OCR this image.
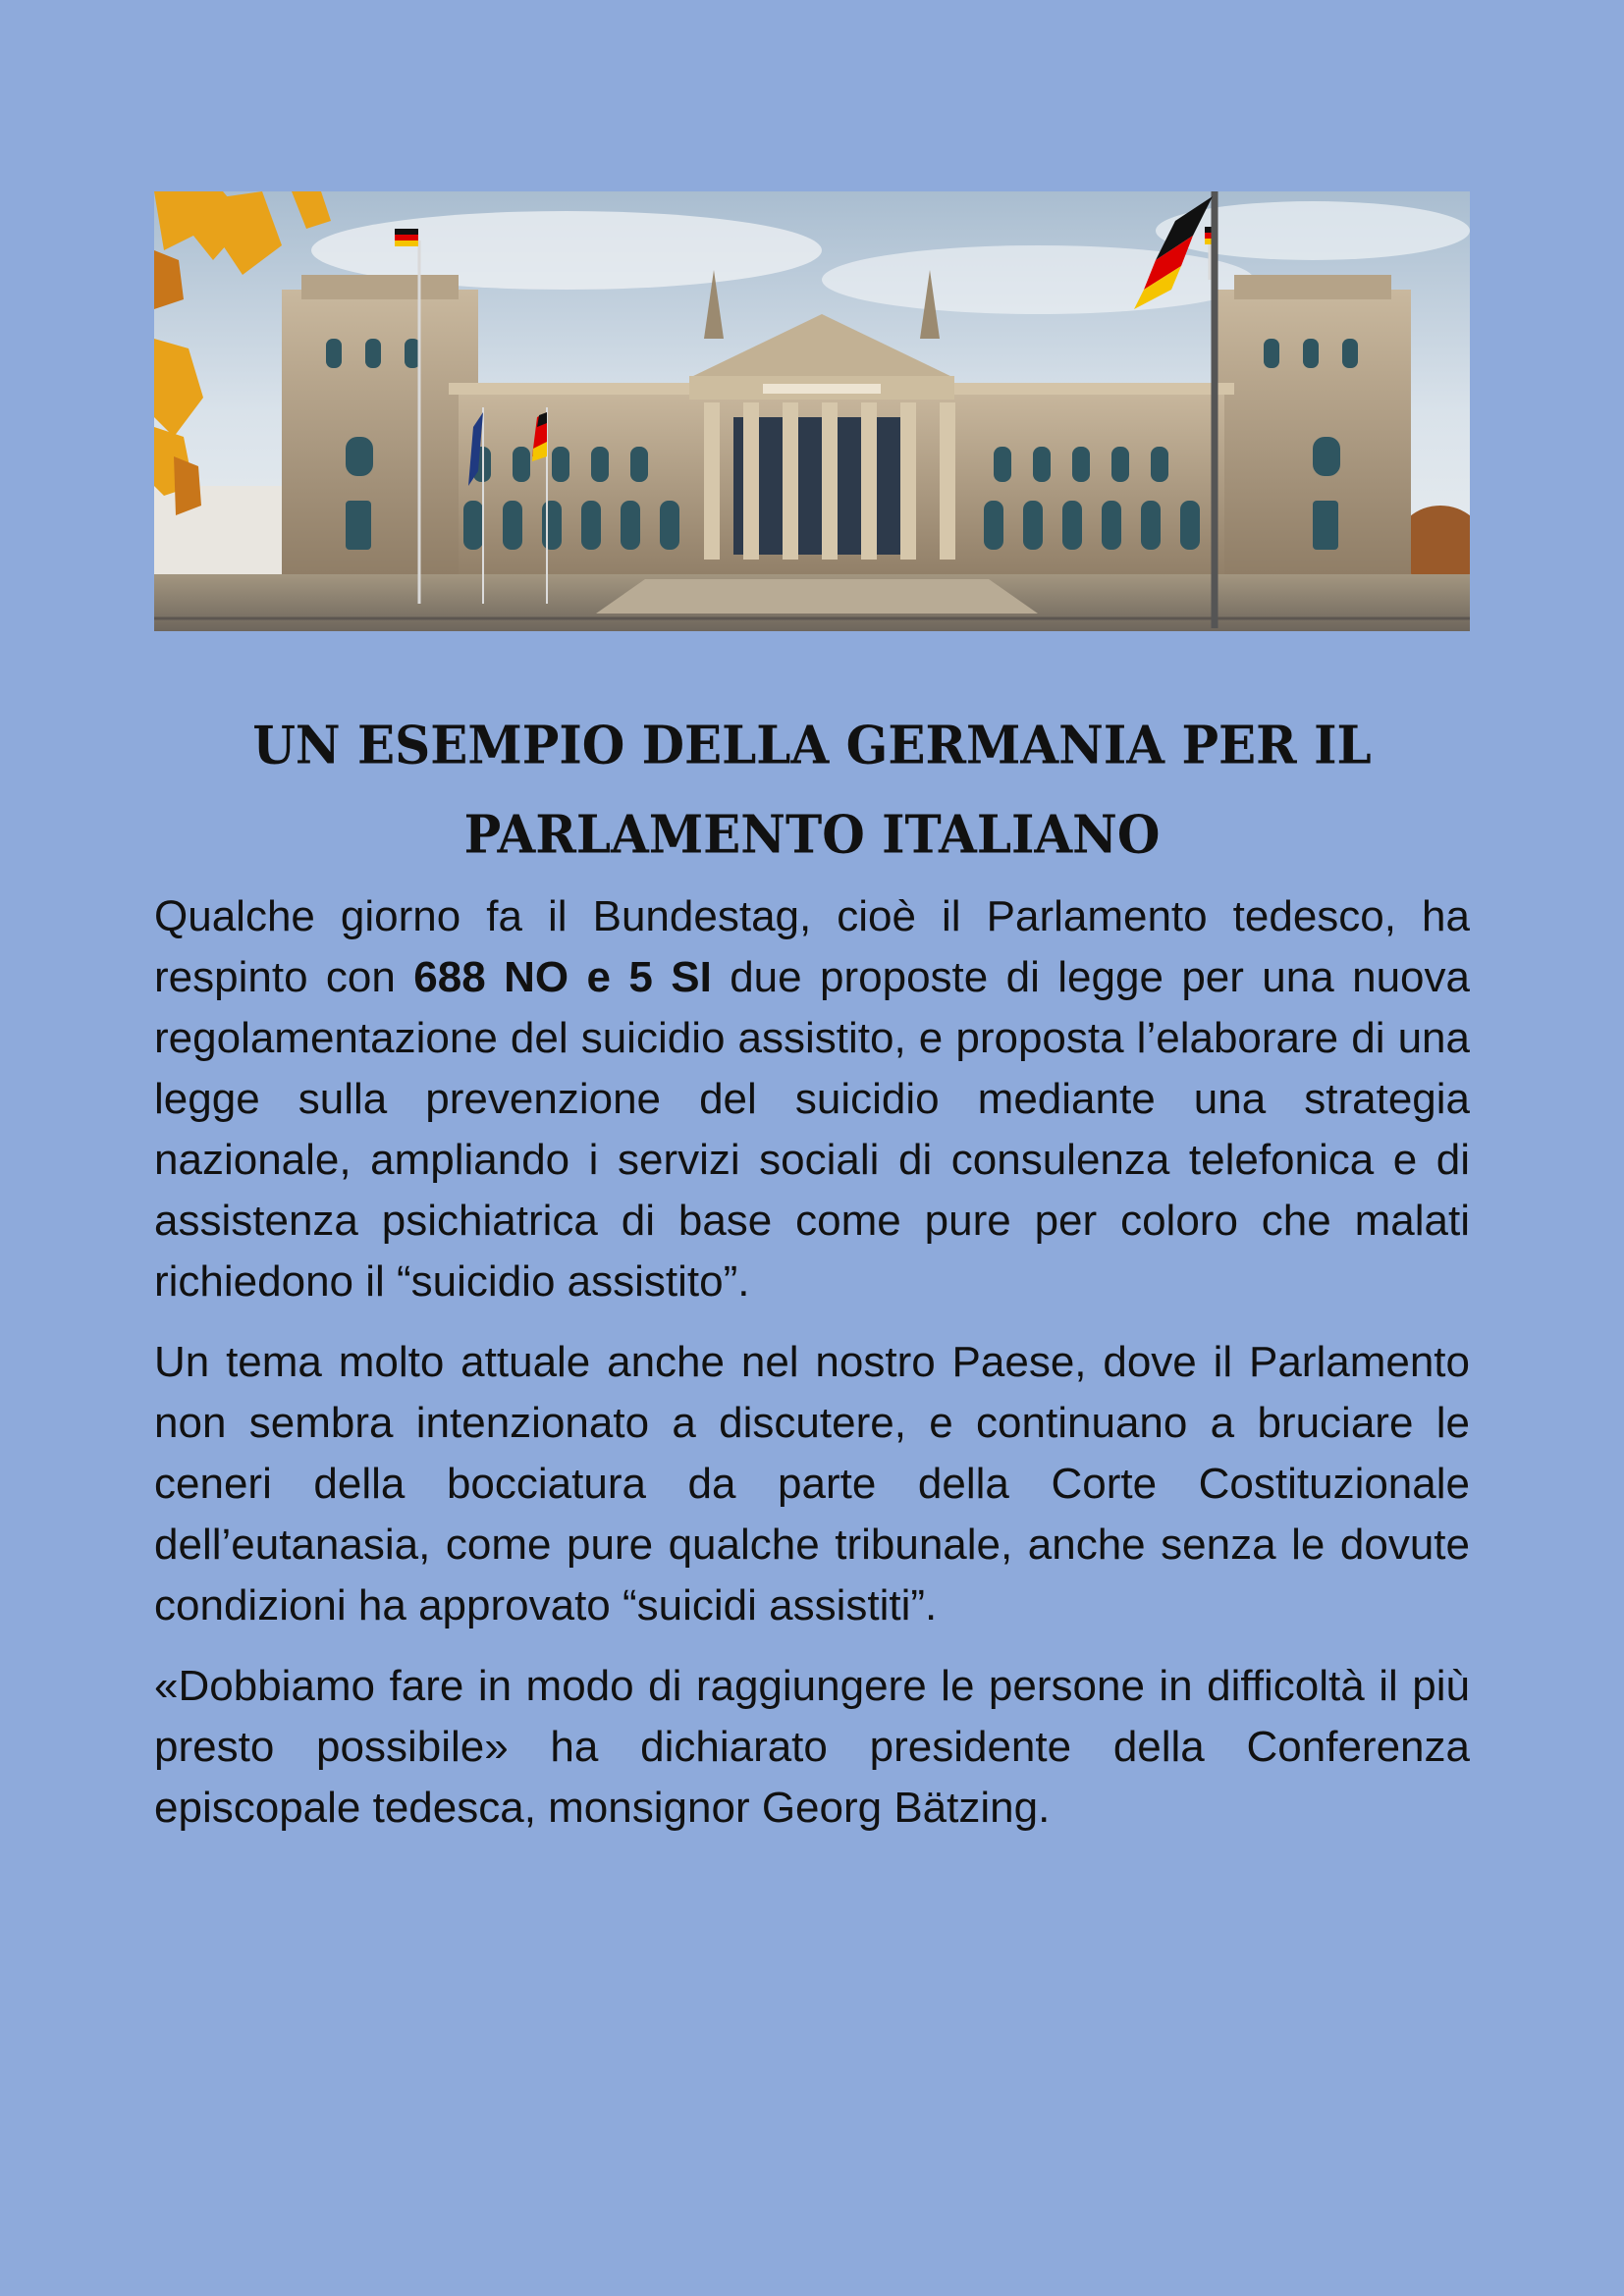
UN ESEMPIO DELLA GERMANIA PER IL
PARLAMENTO ITALIANO

Qualche giorno fa il Bundestag, cioè il Parlamento tedesco, ha respinto con 688 NO e 5 SI due proposte di legge per una nuova regolamentazione del suicidio assistito, e proposta l’elaborare di una legge sulla prevenzione del suicidio mediante una strategia nazionale, ampliando i servizi sociali di consulenza telefonica e di assistenza psichiatrica di base come pure per coloro che malati richiedono il “suicidio assistito”.

Un tema molto attuale anche nel nostro Paese, dove il Parlamento non sembra intenzionato a discutere, e continuano a bruciare le ceneri della bocciatura da parte della Corte Costituzionale dell’eutanasia, come pure qualche tribunale, anche senza le dovute condizioni ha approvato “suicidi assistiti”.

«Dobbiamo fare in modo di raggiungere le persone in difficoltà il più presto possibile» ha dichiarato presidente della Conferenza episcopale tedesca, monsignor Georg Bätzing.
